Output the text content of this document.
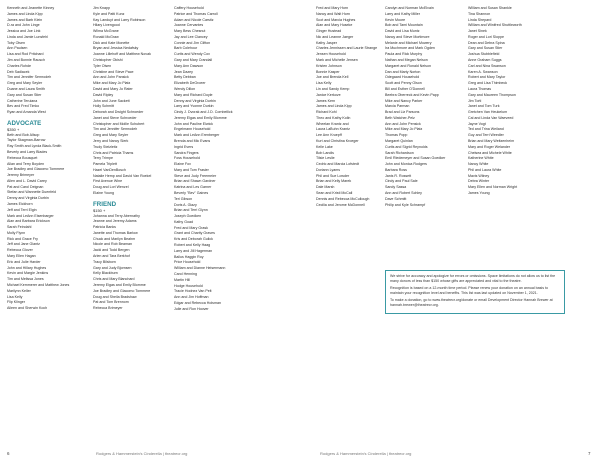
Kenneth and Jeanette Kinney
James and Linda Kipp
James and Barb Klein
D-ra and John Linge
Jessica and Joe Link
Linda and Jamie Lunsfehl
Toby Olsen
Ann Paulsen
Lisa and Rod Pritchard
Jim and Bonnie Rausch
Charles Rohde
Deb Sadlacek
Tim and Jennifer Semrodeh
Greg and Mary Seyler
Duane and Laura Smith
Gary and Susan Stier
Catherine Teruiana
Bev and Fred Timko
Ryan and Amanda West
ADVOCATE
$350 +
Beth and Bob Allsop
Taylor Skagman-Barrow
Ray Smith and Lynda Black-Smith
Beverly and Larry Blades
Rebecca Bousquet
Allan and Terry Boyden
Joe Bradley and Giacomo Tommere
Jeremy Brimeyer
Allen and L. David Carey
Pat and Carol Deignan
Stefan and Wannette Duenfeld
Denny and Virginia Durbin
James Eickhorn
Jeff and Terri Elgin
Mark and LeAnn Eisenbarger
Alan and Barbara Erickson
Sarah Feindahl
Molly Flynn
Rick and Grace Fry
Jeff and Jane Glantz
Rebecca Glover
Mary Ellen Hagan
Eric and Julie Harder
John and Hillary Hughes
Kevin and Margie Jenkins
Tim and Melissa Jones
Michael Kemmerer and Matthew Jones
Marilynn Keller
Lisa Kelly
Flip Klinger
Aileen and Sherwin Koch
Jim Knapp
Kyle and Patti Kunz
Kay Landuyt and Larry Robinson
Hilary Livengood
Wilma McGrane
Ronald McGraw
Dick and Kate Monette
Bryan and Jessica Nedafsky
Joanne Lillehoff and Matthew Novak
Christopher Okishi
Tyler Olsen
Christine and Steve Pace
Ann and John Pansick
Mike and Mary Jo Platz
David and Mary Jo Rater
David Ripley
John and June Sackett
Holly Schmitt
Deborah and Dwight Schroeder
Janet and Steve Schroeder
Christopher and Mollie Schubert
Tim and Jennifer Semrodeh
Greg and Mary Seyler
Jerry and Nancy Slerk
Trudy Stelzleitz
Chris and Patricia Thams
Terry Trimpe
Pamela Triplett
Hazel VanDenBosch
Natalie Hemp and David Van Roekel
First Avenue Wine
Doug and Lori Wenzel
Elaine Young
FRIEND
$150 +
Johanna and Terry Abernathy
Jeanne and Jeremy Adams
Patricia Banks
Janette and Thomas Barlow
Chuck and Marilyn Beahm
Nicole and Rob Beaman
Jacki and Todd Bergen
Arlen and Tara Berkhof
Tracy Bilsborn
Gary and Judy Bjornsen
Kelly Blackburn
Chris and Mary Blanchard
Jeremy Elgas and Emily Blomme
Joe Bradley and Giacomo Tommere
Doug and Sheila Bradshaw
Pat and Tom Brennom
Rebecca Brimeyer
Caffery Household
Patrice and Thomas Carroll
Adam and Nicole Carstiz
Joanne Cervantes
Mary Bess Chesnut
Jay and Lee Clancey
Connie and Jim Clifton
Barb Colehour
Curtis and Wendy Cox
Gary and Mary Crandall
Mary Ann Dawson
Jean Dazey
Betty Debban
Elizabeth DeGroeer
Wendy Dillon
Mary and Richard Doyle
Denny and Virginia Durbin
Larry and Yvonne Durkin
Cindy J. Dvorak and J.D. Cornbellick
Jeremy Elgas and Emily Blomme
John and Pauline Elwick
Engelmann Household
Mark and LeAnn Erenberger
Brenda and Mic Evans
Ingrid Evers
Sandra Fingers
Foss Household
Elaine Fox
Mary and Tom Frasier
Steve and Judy Freemeier
Brian and Shawn Gardner
Katrina and Les Garner
Beverly "Bev" Gaines
Teri Gibson
Doris A. Glazy
Brian and Terri Glynn
Joseph Goedken
Kathy Goad
Fred and Mary Grask
Grant and Charity Graves
Kris and Deborah Gulick
Robert and Kelly Haag
Larry and Jill Hagerman
Bailus Haggin Roy
Price Household
William and Dianne Heisermann
Carol Henning
Martin Hill
Hodge Household
Tracie Hodnez Van Pelt
Ann and Jim Hoffman
Edgar and Rebecca Holsman
Julie and Ron Hoover
Fred and Mary Horn
Nancy and Walt Horn
Scot and Marcia Hughes
Alan and Mary Huseke
Ginger Hustead
Nic and Leanne Jaeger
Kathy Jasper
Charles Jennissen and Laurie Strange
Jensen Household
Mark and Michelle Jensen
Kristen Johnson
Bonnie Kasper
Joe and Brenda Kell
Lisa Kelly
Lin and Sandy Kemp
Janice Kerkove
James Kern
James and Linda Kipp
Richard Kohl
Theo and Kathy Kolln
Wheelan Krantz and
Laura LaBuhn Krantz
Lee Ann Kruepff
Kurt and Christina Kroeger
Kelle Lake
Bob Landis
Tilsie Leslie
Cedric and Marcia Lofstedt
Doriann Lyams
Phil and Sue Lowder
Brian and Kelly Marek
Dale Marsh
Sean and Kristi McCall
Dennis and Rebecca McCullough
Cecilia and Jerome McDonnell
Carolyn and Norman McElvain
Larry and Kathy Miller
Kevin Moore
Bob and Tami Mountain
David and Lisa Muntz
Nancy and Steve Mortimore
Melanie and Michael Mowery
Ira Muchmore and Mark Ogden
Paula and Rick Murphy
Nathan and Megan Nelson
Margaret and Ronald Nelson
Dan and Marty Norton
Odegaard Household
Scott and Penny Olson
Bill and Esther O'Donnell
Beebra Oberreck and Kevin Papp
Mike and Nancy Parker
Marcia Parman
Brad and Liz Parsons
Beth Watcher-Pelz
Ann and John Pensick
Mike and Mary Jo Platz
Thomas Popp
Margaret Quinlan
Curtis and Sigrid Reynolds
Sarah Richardson
Emil Riedemeyer and Susan Goedker
John and Monica Rodgers
Barbara Ross
Janis R. Rossett
Cindy and Paul Sale
Sandy Sassa
Ann and Robert Schley
Dave Schmitt
Philip and Kyle Schrampf
William and Susan Shankle
Tina Shannon
Linda Shepard
William and Winifred Shuttleworth
Janet Sinek
Roger and Lori Sloppe
Dean and Debra Spina
Gary and Susan Stier
Joshua Stubblefield
Anne Graham Suggs
Carl and Nina Swanson
Karen A. Swanson
Robert and Mary Taylor
Greg and Lisa Thimbeck
Laura Thomas
Gary and Maureen Thompson
Jim Torti
Janet and Tom Turk
Gretchen Van Heukelum
Cal and Linda Van Waeveed
Jayne Vogt
Ted and Trina Weiland
Guy and Terri Weedler
Brian and Mary Weitzenheim
Mary and Roger Welander
Chelsea and Michele White
Katherine White
Nancy White
Phil and Laura White
Mavis Wilney
Debra Winter
Mary Ellen and Norman Wright
James Young

We strive for accuracy and apologize for errors or omissions. Space limitations do not allow us to list the many donors of less than $150 whose gifts are appreciated and vital to the theatre.

Recognition is based on a 12-month time period. Please renew your donation on an annual basis to maintain your recognition level and benefits. This list was last updated on November 1, 2021.

To make a donation, go to www.theatrecr.org/donate or email Development Director Hannah Brewer at hannah.brewer@theatrecr.org.

6	Rodgers & Hammerstein's Cinderella | theatrecr.org	Rodgers & Hammerstein's Cinderella | theatrecr.org	7
